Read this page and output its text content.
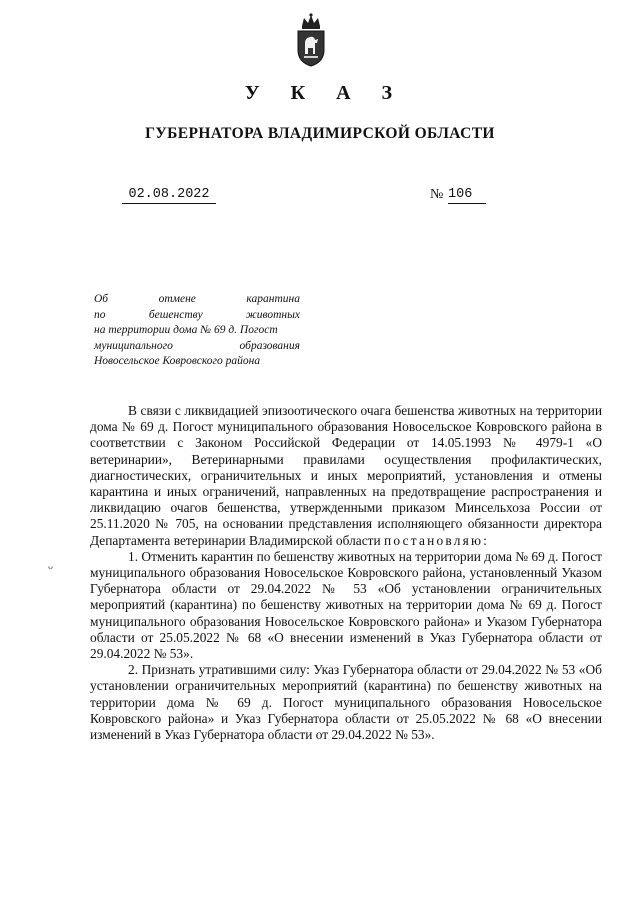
У К А З
ГУБЕРНАТОРА ВЛАДИМИРСКОЙ ОБЛАСТИ
02.08.2022	№ 106
Об отмене карантина
по бешенству животных
на территории дома № 69 д. Погост
муниципального образования
Новосельское Ковровского района

В связи с ликвидацией эпизоотического очага бешенства животных на территории дома № 69 д. Погост муниципального образования Новосельское Ковровского района в соответствии с Законом Российской Федерации от 14.05.1993 № 4979-1 «О ветеринарии», Ветеринарными правилами осуществления профилактических, диагностических, ограничительных и иных мероприятий, установления и отмены карантина и иных ограничений, направленных на предотвращение распространения и ликвидацию очагов бешенства, утвержденными приказом Минсельхоза России от 25.11.2020 № 705, на основании представления исполняющего обязанности директора Департамента ветеринарии Владимирской области постановляю:

1. Отменить карантин по бешенству животных на территории дома № 69 д. Погост муниципального образования Новосельское Ковровского района, установленный Указом Губернатора области от 29.04.2022 № 53 «Об установлении ограничительных мероприятий (карантина) по бешенству животных на территории дома № 69 д. Погост муниципального образования Новосельское Ковровского района» и Указом Губернатора области от 25.05.2022 № 68 «О внесении изменений в Указ Губернатора области от 29.04.2022 № 53».

2. Признать утратившими силу: Указ Губернатора области от 29.04.2022 № 53 «Об установлении ограничительных мероприятий (карантина) по бешенству животных на территории дома № 69 д. Погост муниципального образования Новосельское Ковровского района» и Указ Губернатора области от 25.05.2022 № 68 «О внесении изменений в Указ Губернатора области от 29.04.2022 № 53».

ᴗ
